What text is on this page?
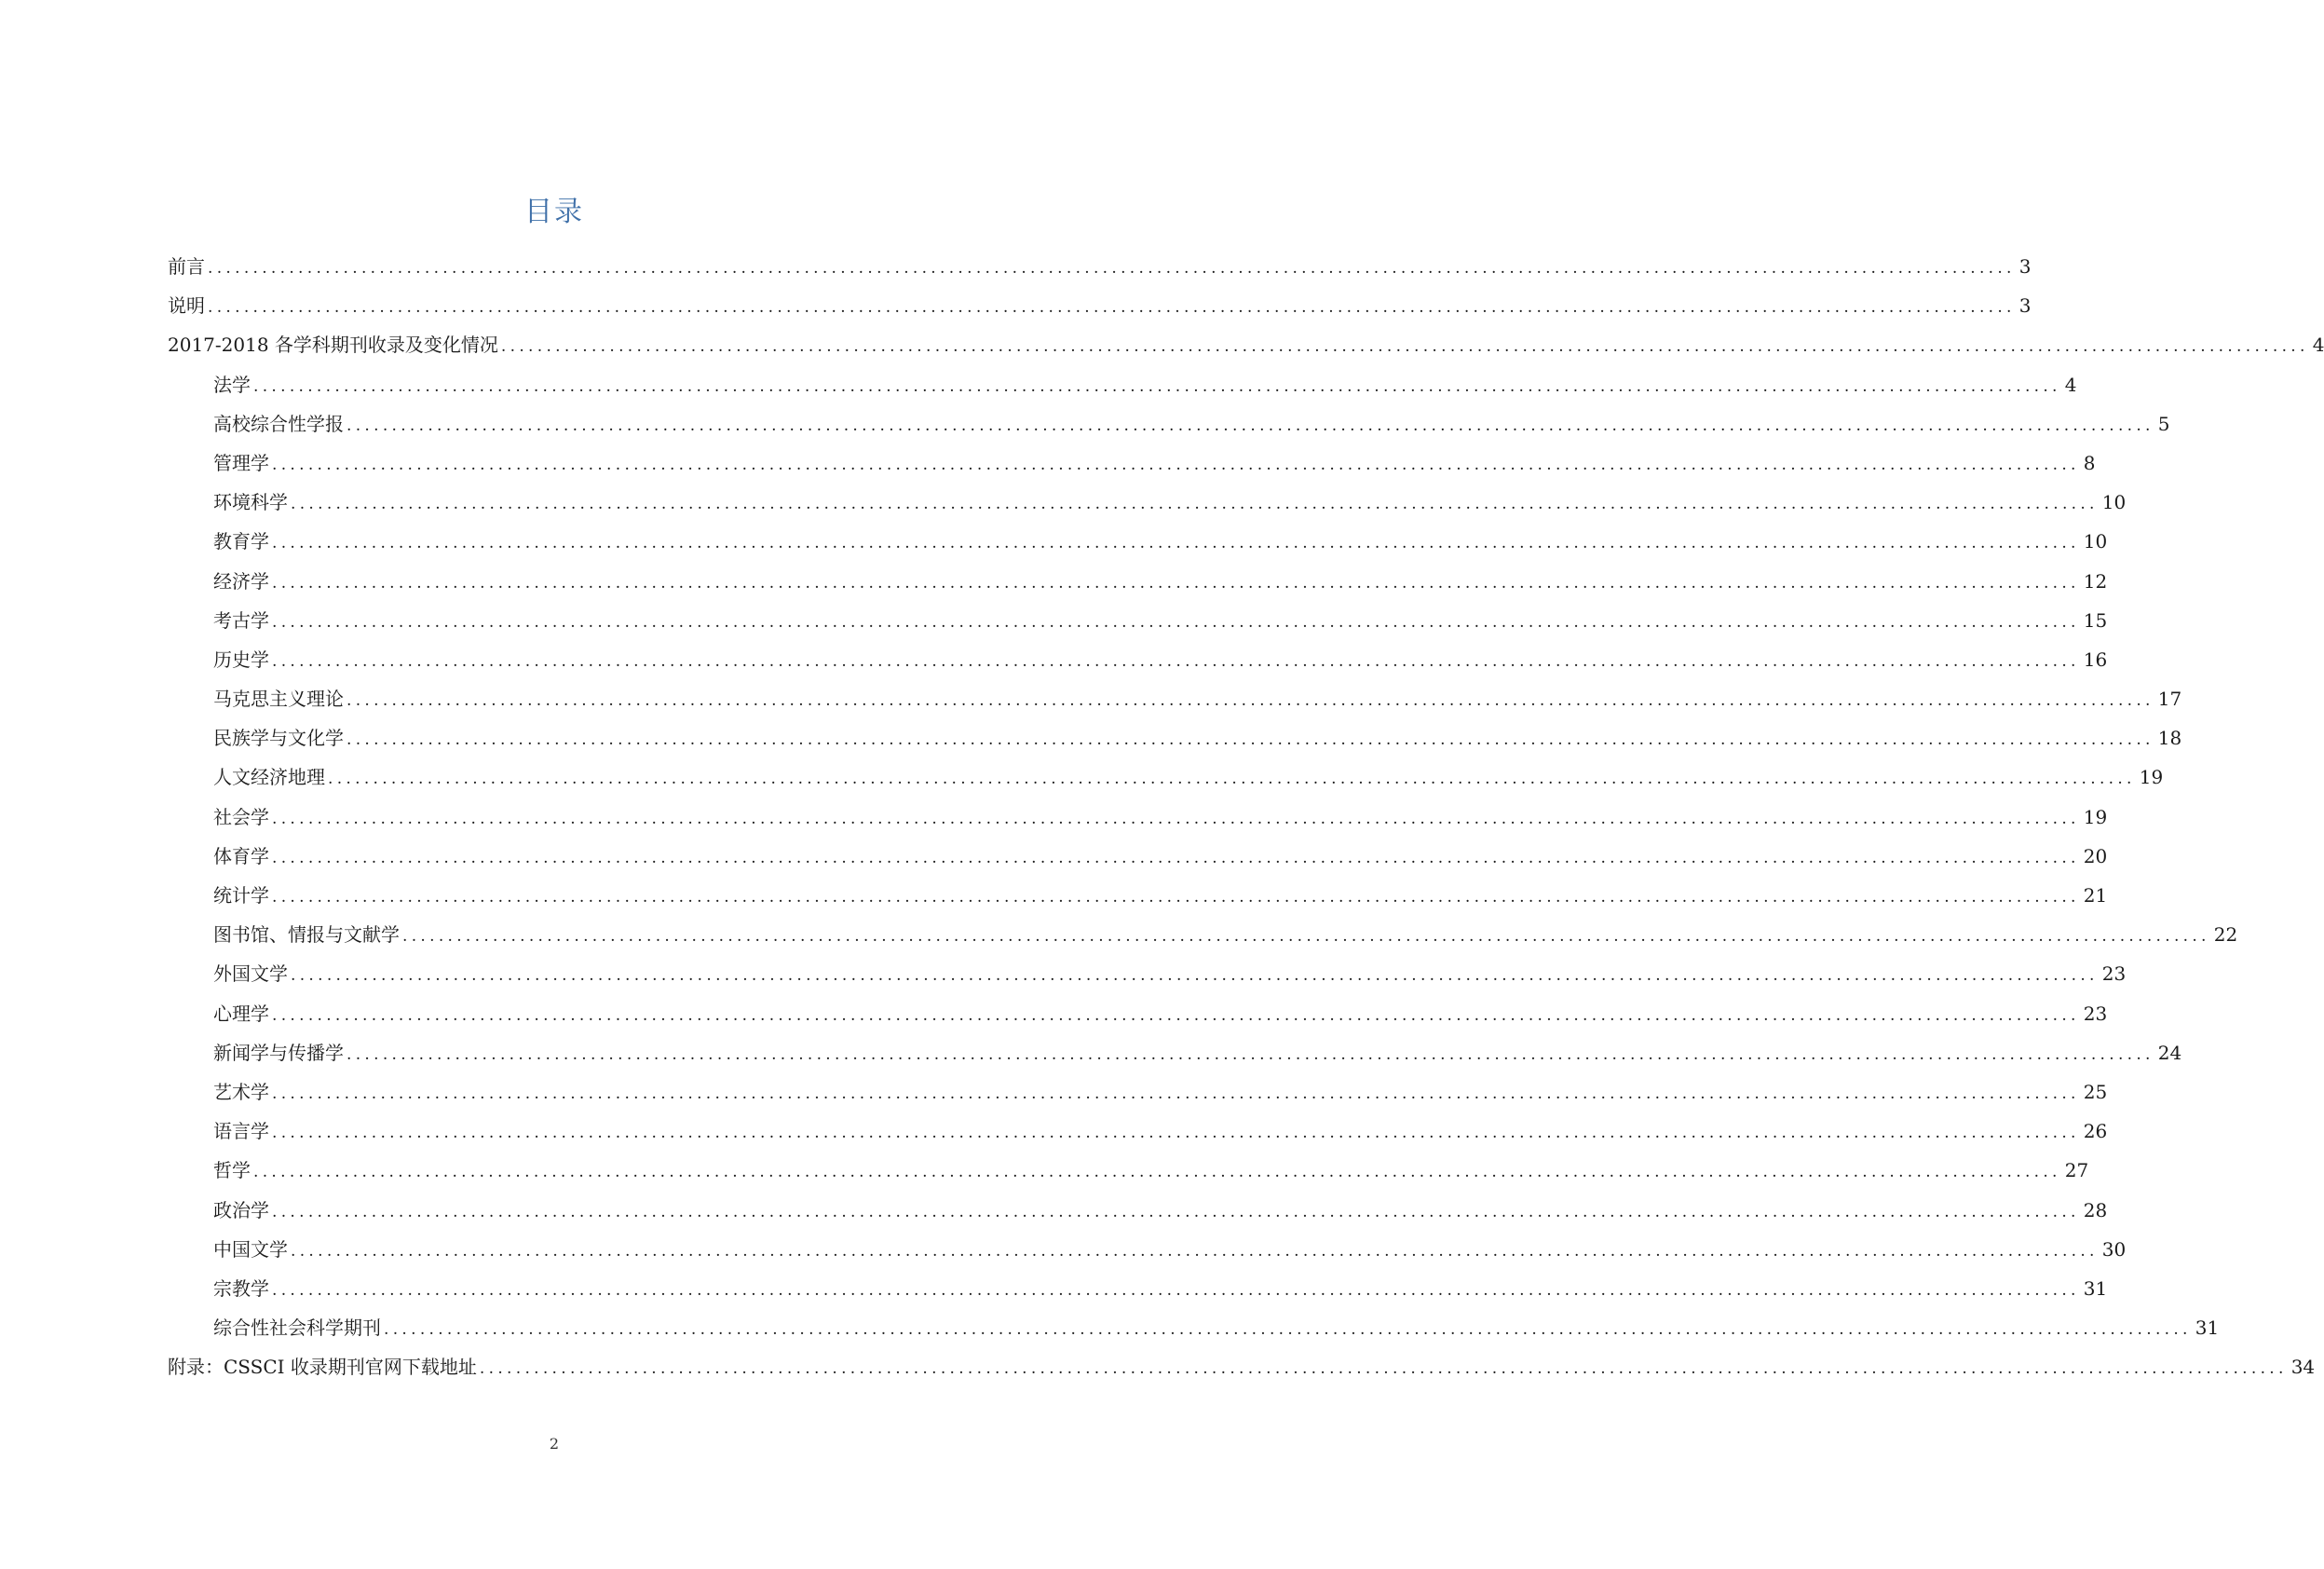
目录
前言 ........................................................................................................................................................................................................ 3
说明 ........................................................................................................................................................................................................ 3
2017-2018 各学科期刊收录及变化情况 ........................................................................................................................................................................................................ 4
法学 ........................................................................................................................................................................................................ 4
高校综合性学报 ........................................................................................................................................................................................................ 5
管理学 ........................................................................................................................................................................................................ 8
环境科学 ........................................................................................................................................................................................................ 10
教育学 ........................................................................................................................................................................................................ 10
经济学 ........................................................................................................................................................................................................ 12
考古学 ........................................................................................................................................................................................................ 15
历史学 ........................................................................................................................................................................................................ 16
马克思主义理论 ........................................................................................................................................................................................................ 17
民族学与文化学 ........................................................................................................................................................................................................ 18
人文经济地理 ........................................................................................................................................................................................................ 19
社会学 ........................................................................................................................................................................................................ 19
体育学 ........................................................................................................................................................................................................ 20
统计学 ........................................................................................................................................................................................................ 21
图书馆、情报与文献学 ........................................................................................................................................................................................................ 22
外国文学 ........................................................................................................................................................................................................ 23
心理学 ........................................................................................................................................................................................................ 23
新闻学与传播学 ........................................................................................................................................................................................................ 24
艺术学 ........................................................................................................................................................................................................ 25
语言学 ........................................................................................................................................................................................................ 26
哲学 ........................................................................................................................................................................................................ 27
政治学 ........................................................................................................................................................................................................ 28
中国文学 ........................................................................................................................................................................................................ 30
宗教学 ........................................................................................................................................................................................................ 31
综合性社会科学期刊 ........................................................................................................................................................................................................ 31
附录：CSSCI 收录期刊官网下载地址 ........................................................................................................................................................................................................ 34
2
